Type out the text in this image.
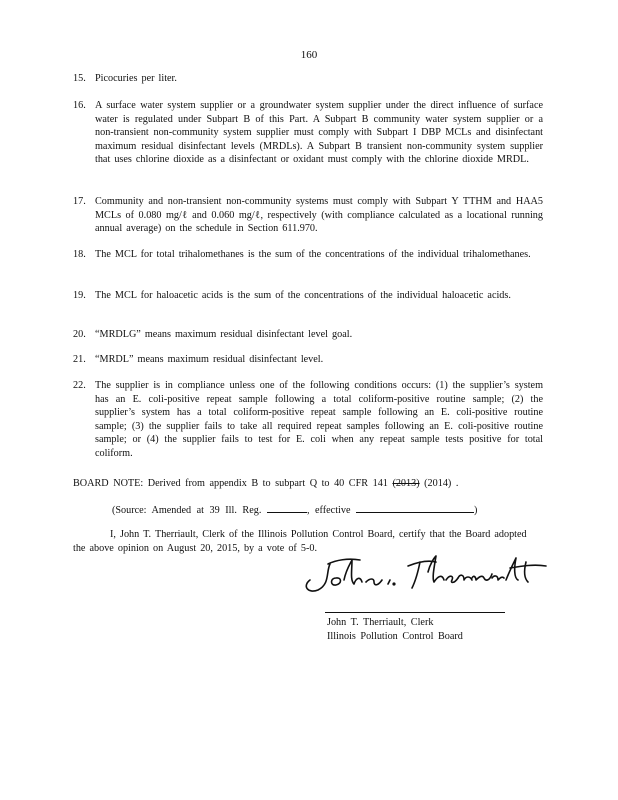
160
15. Picocuries per liter.
16. A surface water system supplier or a groundwater system supplier under the direct influence of surface water is regulated under Subpart B of this Part. A Subpart B community water system supplier or a non-transient non-community system supplier must comply with Subpart I DBP MCLs and disinfectant maximum residual disinfectant levels (MRDLs). A Subpart B transient non-community system supplier that uses chlorine dioxide as a disinfectant or oxidant must comply with the chlorine dioxide MRDL.
17. Community and non-transient non-community systems must comply with Subpart Y TTHM and HAA5 MCLs of 0.080 mg/ℓ and 0.060 mg/ℓ, respectively (with compliance calculated as a locational running annual average) on the schedule in Section 611.970.
18. The MCL for total trihalomethanes is the sum of the concentrations of the individual trihalomethanes.
19. The MCL for haloacetic acids is the sum of the concentrations of the individual haloacetic acids.
20. “MRDLG” means maximum residual disinfectant level goal.
21. “MRDL” means maximum residual disinfectant level.
22. The supplier is in compliance unless one of the following conditions occurs: (1) the supplier’s system has an E. coli-positive repeat sample following a total coliform-positive routine sample; (2) the supplier’s system has a total coliform-positive repeat sample following an E. coli-positive routine sample; (3) the supplier fails to take all required repeat samples following an E. coli-positive routine sample; or (4) the supplier fails to test for E. coli when any repeat sample tests positive for total coliform.
BOARD NOTE: Derived from appendix B to subpart Q to 40 CFR 141 (2013) (2014) .
(Source: Amended at 39 Ill. Reg.	, effective	)
I, John T. Therriault, Clerk of the Illinois Pollution Control Board, certify that the Board adopted the above opinion on August 20, 2015, by a vote of 5-0.
John T. Therriault, Clerk
Illinois Pollution Control Board
